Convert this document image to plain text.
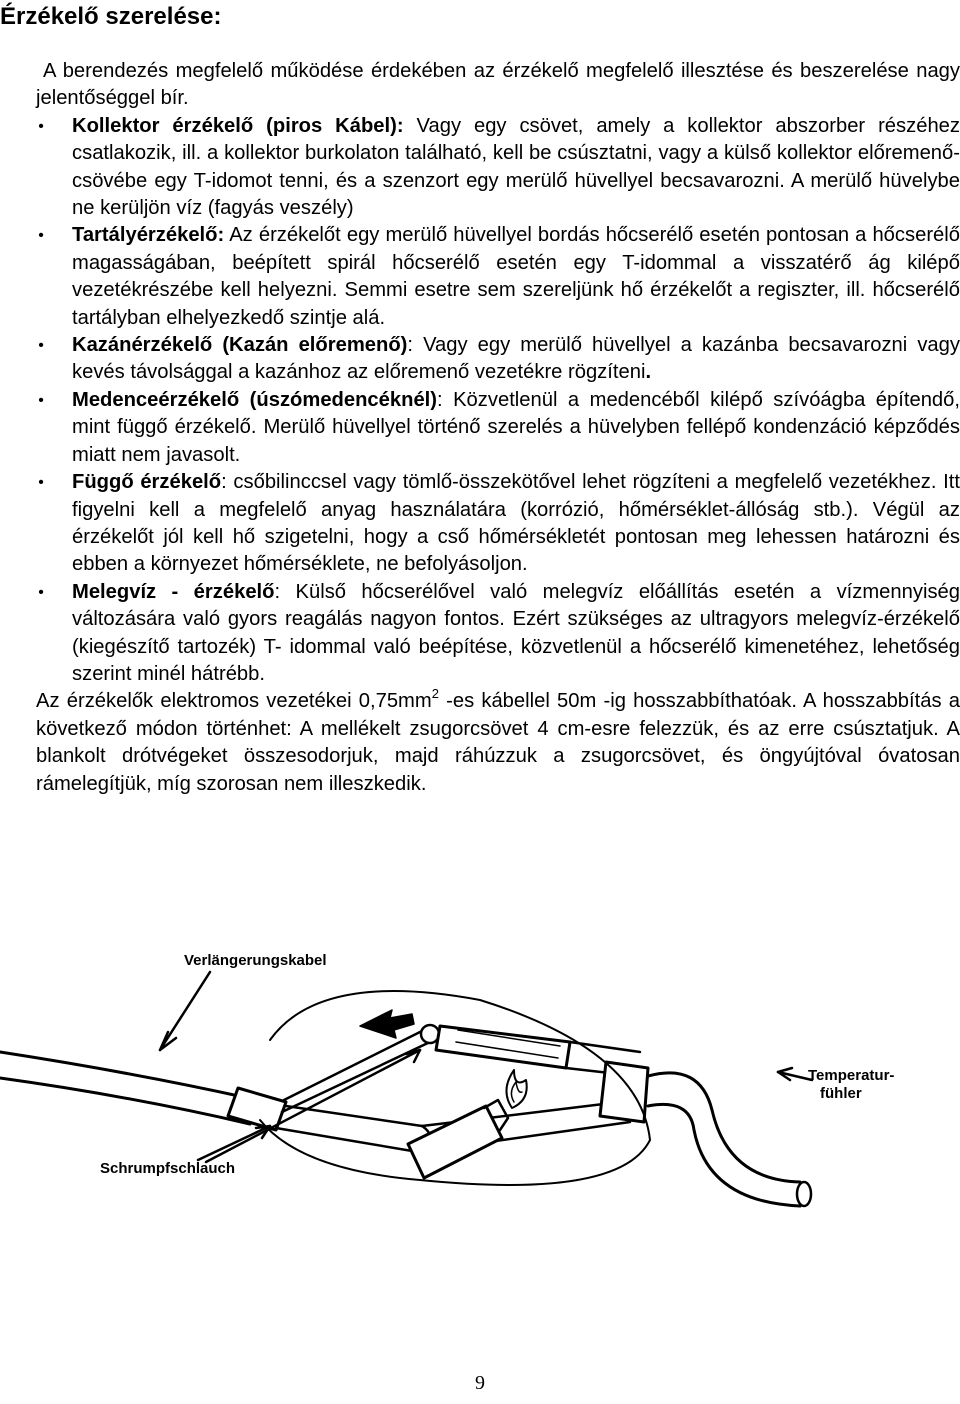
Érzékelő szerelése:

A berendezés megfelelő működése érdekében az érzékelő megfelelő illesztése és beszerelése nagy jelentőséggel bír.

• Kollektor érzékelő (piros Kábel): Vagy egy csövet, amely a kollektor abszorber részéhez csatlakozik, ill. a kollektor burkolaton található, kell be csúsztatni, vagy a külső kollektor előremenő-csövébe egy T-idomot tenni, és a szenzort egy merülő hüvellyel becsavarozni. A merülő hüvelybe ne kerüljön víz (fagyás veszély)
• Tartályérzékelő: Az érzékelőt egy merülő hüvellyel bordás hőcserélő esetén pontosan a hőcserélő magasságában, beépített spirál hőcserélő esetén egy T-idommal a visszatérő ág kilépő vezetékrészébe kell helyezni. Semmi esetre sem szereljünk hő érzékelőt a regiszter, ill. hőcserélő tartályban elhelyezkedő szintje alá.
• Kazánérzékelő (Kazán előremenő): Vagy egy merülő hüvellyel a kazánba becsavarozni vagy kevés távolsággal a kazánhoz az előremenő vezetékre rögzíteni.
• Medenceérzékelő (úszómedencéknél): Közvetlenül a medencéből kilépő szívóágba építendő, mint függő érzékelő. Merülő hüvellyel történő szerelés a hüvelyben fellépő kondenzáció képződés miatt nem javasolt.
• Függő érzékelő: csőbilinccsel vagy tömlő-összekötővel lehet rögzíteni a megfelelő vezetékhez. Itt figyelni kell a megfelelő anyag használatára (korrózió, hőmérséklet-állóság stb.). Végül az érzékelőt jól kell hő szigetelni, hogy a cső hőmérsékletét pontosan meg lehessen határozni és ebben a környezet hőmérséklete, ne befolyásoljon.
• Melegvíz - érzékelő: Külső hőcserélővel való melegvíz előállítás esetén a vízmennyiség változására való gyors reagálás nagyon fontos. Ezért szükséges az ultragyors melegvíz-érzékelő (kiegészítő tartozék) T- idommal való beépítése, közvetlenül a hőcserélő kimenetéhez, lehetőség szerint minél hátrébb.

Az érzékelők elektromos vezetékei $0,75mm^2$ -es kábellel 50m -ig hosszabbíthatóak. A hosszabbítás a következő módon történhet: A mellékelt zsugorcsövet 4 cm-esre felezzük, és az erre csúsztatjuk. A blankolt drótvégeket összesodorjuk, majd ráhúzzuk a zsugorcsövet, és öngyújtóval óvatosan rámelegítjük, míg szorosan nem illeszkedik.

Verlängerungskabel
Temperatur-
fühler
Schrumpfschlauch
9
